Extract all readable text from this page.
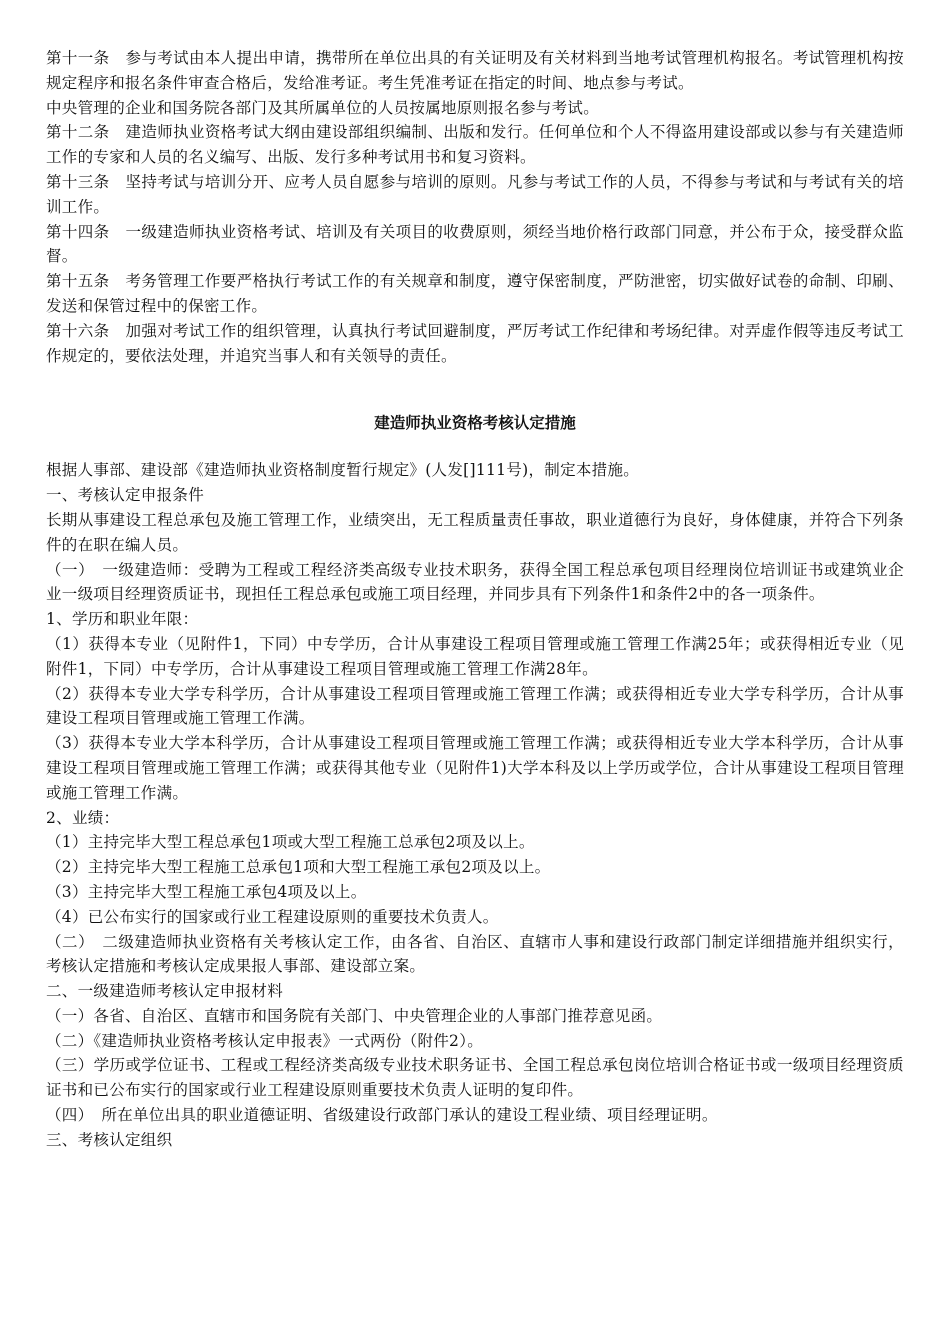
第十一条　参与考试由本人提出申请，携带所在单位出具的有关证明及有关材料到当地考试管理机构报名。考试管理机构按规定程序和报名条件审查合格后，发给准考证。考生凭准考证在指定的时间、地点参与考试。

中央管理的企业和国务院各部门及其所属单位的人员按属地原则报名参与考试。

第十二条　建造师执业资格考试大纲由建设部组织编制、出版和发行。任何单位和个人不得盗用建设部或以参与有关建造师工作的专家和人员的名义编写、出版、发行多种考试用书和复习资料。

第十三条　坚持考试与培训分开、应考人员自愿参与培训的原则。凡参与考试工作的人员，不得参与考试和与考试有关的培训工作。

第十四条　一级建造师执业资格考试、培训及有关项目的收费原则，须经当地价格行政部门同意，并公布于众，接受群众监督。

第十五条　考务管理工作要严格执行考试工作的有关规章和制度，遵守保密制度，严防泄密，切实做好试卷的命制、印刷、发送和保管过程中的保密工作。

第十六条　加强对考试工作的组织管理，认真执行考试回避制度，严厉考试工作纪律和考场纪律。对弄虚作假等违反考试工作规定的，要依法处理，并追究当事人和有关领导的责任。

建造师执业资格考核认定措施

根据人事部、建设部《建造师执业资格制度暂行规定》(人发[]111号)，制定本措施。

一、考核认定申报条件

长期从事建设工程总承包及施工管理工作，业绩突出，无工程质量责任事故，职业道德行为良好，身体健康，并符合下列条件的在职在编人员。

（一）　一级建造师：受聘为工程或工程经济类高级专业技术职务，获得全国工程总承包项目经理岗位培训证书或建筑业企业一级项目经理资质证书，现担任工程总承包或施工项目经理，并同步具有下列条件1和条件2中的各一项条件。

1、学历和职业年限：

（1）获得本专业（见附件1，下同）中专学历，合计从事建设工程项目管理或施工管理工作满25年；或获得相近专业（见附件1，下同）中专学历，合计从事建设工程项目管理或施工管理工作满28年。

（2）获得本专业大学专科学历，合计从事建设工程项目管理或施工管理工作满；或获得相近专业大学专科学历，合计从事建设工程项目管理或施工管理工作满。

（3）获得本专业大学本科学历，合计从事建设工程项目管理或施工管理工作满；或获得相近专业大学本科学历，合计从事建设工程项目管理或施工管理工作满；或获得其他专业（见附件1)大学本科及以上学历或学位，合计从事建设工程项目管理或施工管理工作满。

2、业绩：

（1）主持完毕大型工程总承包1项或大型工程施工总承包2项及以上。

（2）主持完毕大型工程施工总承包1项和大型工程施工承包2项及以上。

（3）主持完毕大型工程施工承包4项及以上。

（4）已公布实行的国家或行业工程建设原则的重要技术负责人。

（二）　二级建造师执业资格有关考核认定工作，由各省、自治区、直辖市人事和建设行政部门制定详细措施并组织实行，考核认定措施和考核认定成果报人事部、建设部立案。

二、一级建造师考核认定申报材料

（一）各省、自治区、直辖市和国务院有关部门、中央管理企业的人事部门推荐意见函。

（二）《建造师执业资格考核认定申报表》一式两份（附件2）。

（三）学历或学位证书、工程或工程经济类高级专业技术职务证书、全国工程总承包岗位培训合格证书或一级项目经理资质证书和已公布实行的国家或行业工程建设原则重要技术负责人证明的复印件。

（四）　所在单位出具的职业道德证明、省级建设行政部门承认的建设工程业绩、项目经理证明。

三、考核认定组织
